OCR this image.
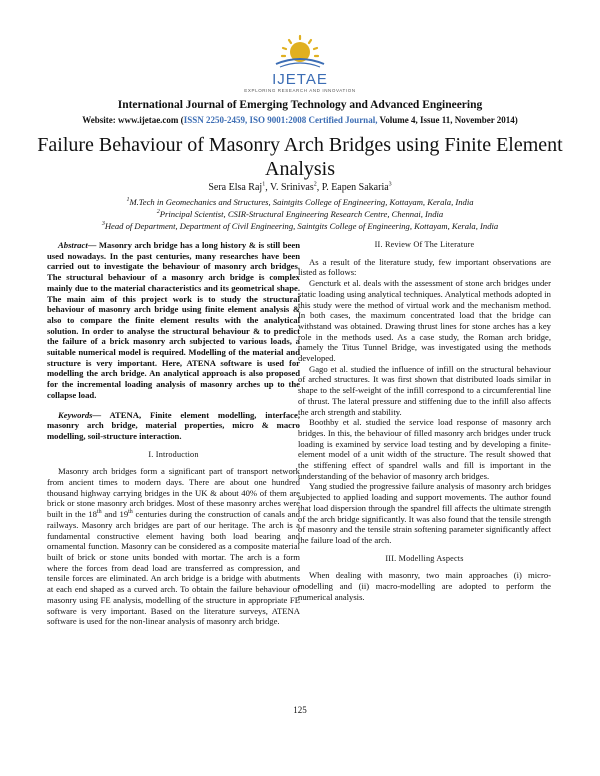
IJETAE
EXPLORING RESEARCH AND INNOVATION
International Journal of Emerging Technology and Advanced Engineering
Website: www.ijetae.com (ISSN 2250-2459, ISO 9001:2008 Certified Journal, Volume 4, Issue 11, November 2014)
Failure Behaviour of Masonry Arch Bridges using Finite Element Analysis
Sera Elsa Raj$^1$, V. Srinivas$^2$, P. Eapen Sakaria$^3$
$^1$M.Tech in Geomechanics and Structures, Saintgits College of Engineering, Kottayam, Kerala, India
$^2$Principal Scientist, CSIR-Structural Engineering Research Centre, Chennai, India
$^3$Head of Department, Department of Civil Engineering, Saintgits College of Engineering, Kottayam, Kerala, India

Abstract— Masonry arch bridge has a long history & is still been used nowadays. In the past centuries, many researches have been carried out to investigate the behaviour of masonry arch bridges. The structural behaviour of a masonry arch bridge is complex mainly due to the material characteristics and its geometrical shape. The main aim of this project work is to study the structural behaviour of masonry arch bridge using finite element analysis & also to compare the finite element results with the analytical solution. In order to analyse the structural behaviour & to predict the failure of a brick masonry arch subjected to various loads, a suitable numerical model is required. Modelling of the material and structure is very important. Here, ATENA software is used for modelling the arch bridge. An analytical approach is also proposed for the incremental loading analysis of masonry arches up to the collapse load.

Keywords— ATENA, Finite element modelling, interface, masonry arch bridge, material properties, micro & macro modelling, soil-structure interaction.

I. Introduction

Masonry arch bridges form a significant part of transport network from ancient times to modern days. There are about one hundred thousand highway carrying bridges in the UK & about 40% of them are brick or stone masonry arch bridges. Most of these masonry arches were built in the 18th and 19th centuries during the construction of canals and railways. Masonry arch bridges are part of our heritage. The arch is a fundamental constructive element having both load bearing and ornamental function. Masonry can be considered as a composite material built of brick or stone units bonded with mortar. The arch is a form where the forces from dead load are transferred as compression, and tensile forces are eliminated. An arch bridge is a bridge with abutments at each end shaped as a curved arch. To obtain the failure behaviour of masonry using FE analysis, modelling of the structure in appropriate FE software is very important. Based on the literature surveys, ATENA software is used for the non-linear analysis of masonry arch bridge.

II. Review Of The Literature

As a result of the literature study, few important observations are listed as follows:

Gencturk et al. deals with the assessment of stone arch bridges under static loading using analytical techniques. Analytical methods adopted in this study were the method of virtual work and the mechanism method. In both cases, the maximum concentrated load that the bridge can withstand was obtained. Drawing thrust lines for stone arches has a key role in the methods used. As a case study, the Roman arch bridge, namely the Titus Tunnel Bridge, was investigated using the methods developed.

Gago et al. studied the influence of infill on the structural behaviour of arched structures. It was first shown that distributed loads similar in shape to the self-weight of the infill correspond to a circumferential line of thrust. The lateral pressure and stiffening due to the infill also affects the arch strength and stability.

Boothby et al. studied the service load response of masonry arch bridges. In this, the behaviour of filled masonry arch bridges under truck loading is examined by service load testing and by developing a finite-element model of a unit width of the structure. The result showed that the stiffening effect of spandrel walls and fill is important in the understanding of the behavior of masonry arch bridges.

Yang studied the progressive failure analysis of masonry arch bridges subjected to applied loading and support movements. The author found that load dispersion through the spandrel fill affects the ultimate strength of the arch bridge significantly. It was also found that the tensile strength of masonry and the tensile strain softening parameter significantly affect the failure load of the arch.

III. Modelling Aspects

When dealing with masonry, two main approaches (i) micro-modelling and (ii) macro-modelling are adopted to perform the numerical analysis.

125
